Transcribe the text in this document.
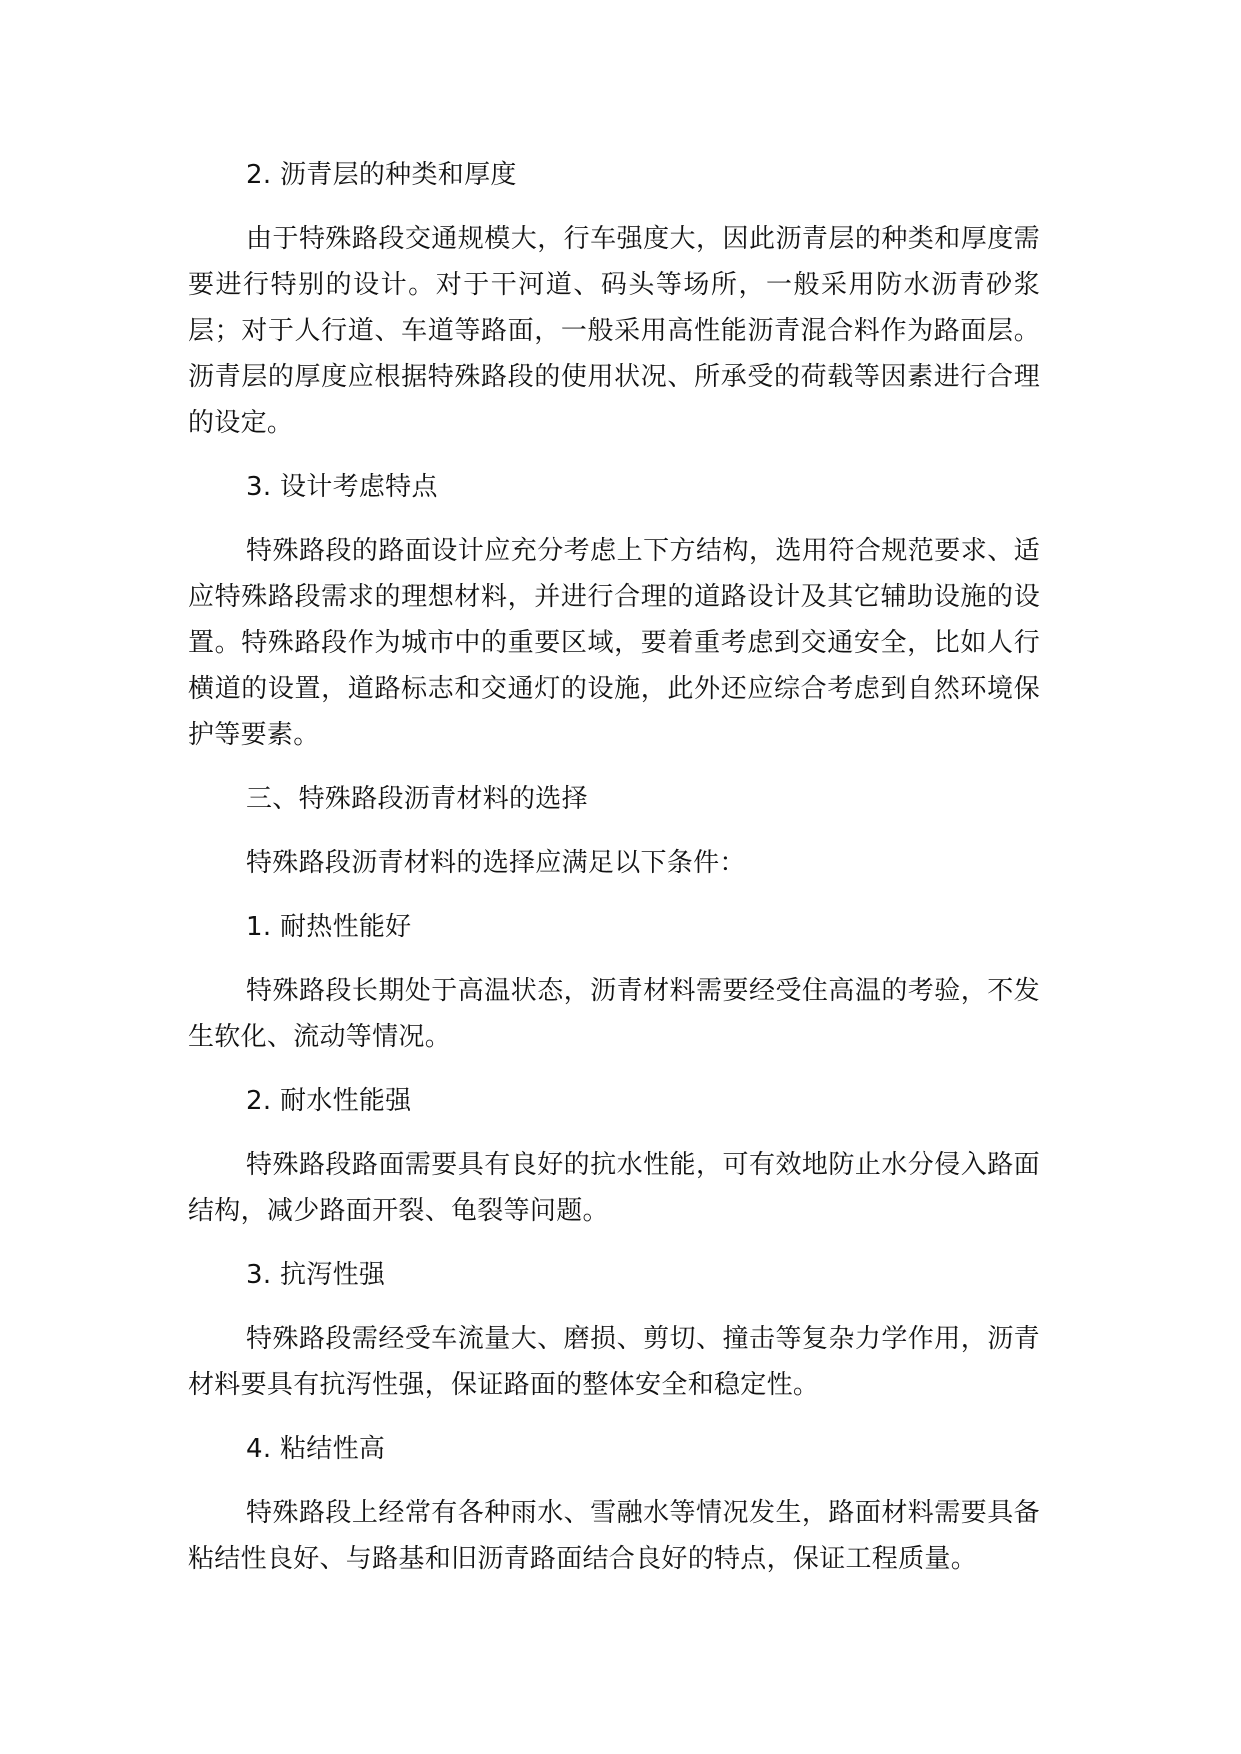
2. 沥青层的种类和厚度

由于特殊路段交通规模大，行车强度大，因此沥青层的种类和厚度需要进行特别的设计。对于干河道、码头等场所，一般采用防水沥青砂浆层；对于人行道、车道等路面，一般采用高性能沥青混合料作为路面层。沥青层的厚度应根据特殊路段的使用状况、所承受的荷载等因素进行合理的设定。

3. 设计考虑特点

特殊路段的路面设计应充分考虑上下方结构，选用符合规范要求、适应特殊路段需求的理想材料，并进行合理的道路设计及其它辅助设施的设置。特殊路段作为城市中的重要区域，要着重考虑到交通安全，比如人行横道的设置，道路标志和交通灯的设施，此外还应综合考虑到自然环境保护等要素。

三、特殊路段沥青材料的选择

特殊路段沥青材料的选择应满足以下条件：

1. 耐热性能好

特殊路段长期处于高温状态，沥青材料需要经受住高温的考验，不发生软化、流动等情况。

2. 耐水性能强

特殊路段路面需要具有良好的抗水性能，可有效地防止水分侵入路面结构，减少路面开裂、龟裂等问题。

3. 抗泻性强

特殊路段需经受车流量大、磨损、剪切、撞击等复杂力学作用，沥青材料要具有抗泻性强，保证路面的整体安全和稳定性。

4. 粘结性高

特殊路段上经常有各种雨水、雪融水等情况发生，路面材料需要具备粘结性良好、与路基和旧沥青路面结合良好的特点，保证工程质量。
